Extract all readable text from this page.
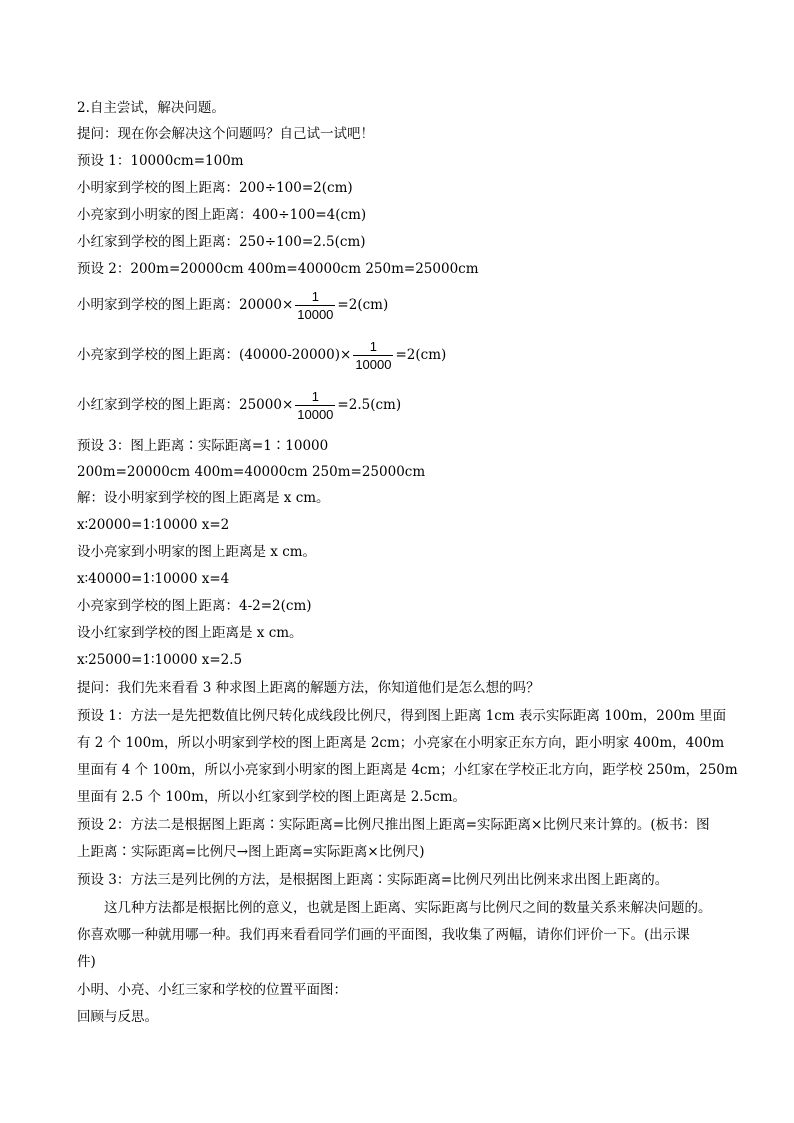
2.自主尝试，解决问题。
提问：现在你会解决这个问题吗？自己试一试吧！
预设 1：10000cm=100m
小明家到学校的图上距离：200÷100=2(cm)
小亮家到小明家的图上距离：400÷100=4(cm)
小红家到学校的图上距离：250÷100=2.5(cm)
预设 2：200m=20000cm 400m=40000cm 250m=25000cm
小明家到学校的图上距离：$20000\times \frac{1}{10000} =2(cm)$
小亮家到学校的图上距离：$(40000-20000)\times \frac{1}{10000} =2(cm)$
小红家到学校的图上距离：$25000\times \frac{1}{10000} =2.5(cm)$
预设 3：图上距离∶实际距离=1∶10000
200m=20000cm 400m=40000cm 250m=25000cm
解：设小明家到学校的图上距离是 x cm。
x∶20000=1∶10000 x=2
设小亮家到小明家的图上距离是 x cm。
x∶40000=1∶10000 x=4
小亮家到学校的图上距离：4-2=2(cm)
设小红家到学校的图上距离是 x cm。
x∶25000=1∶10000 x=2.5
提问：我们先来看看 3 种求图上距离的解题方法，你知道他们是怎么想的吗？
预设 1：方法一是先把数值比例尺转化成线段比例尺，得到图上距离 1cm 表示实际距离 100m，200m 里面
有 2 个 100m，所以小明家到学校的图上距离是 2cm；小亮家在小明家正东方向，距小明家 400m，400m
里面有 4 个 100m，所以小亮家到小明家的图上距离是 4cm；小红家在学校正北方向，距学校 250m，250m
里面有 2.5 个 100m，所以小红家到学校的图上距离是 2.5cm。
预设 2：方法二是根据图上距离∶实际距离=比例尺推出图上距离=实际距离×比例尺来计算的。(板书：图
上距离∶实际距离=比例尺→图上距离=实际距离×比例尺)
预设 3：方法三是列比例的方法，是根据图上距离∶实际距离=比例尺列出比例来求出图上距离的。
这几种方法都是根据比例的意义，也就是图上距离、实际距离与比例尺之间的数量关系来解决问题的。
你喜欢哪一种就用哪一种。我们再来看看同学们画的平面图，我收集了两幅，请你们评价一下。(出示课
件)
小明、小亮、小红三家和学校的位置平面图：
回顾与反思。
